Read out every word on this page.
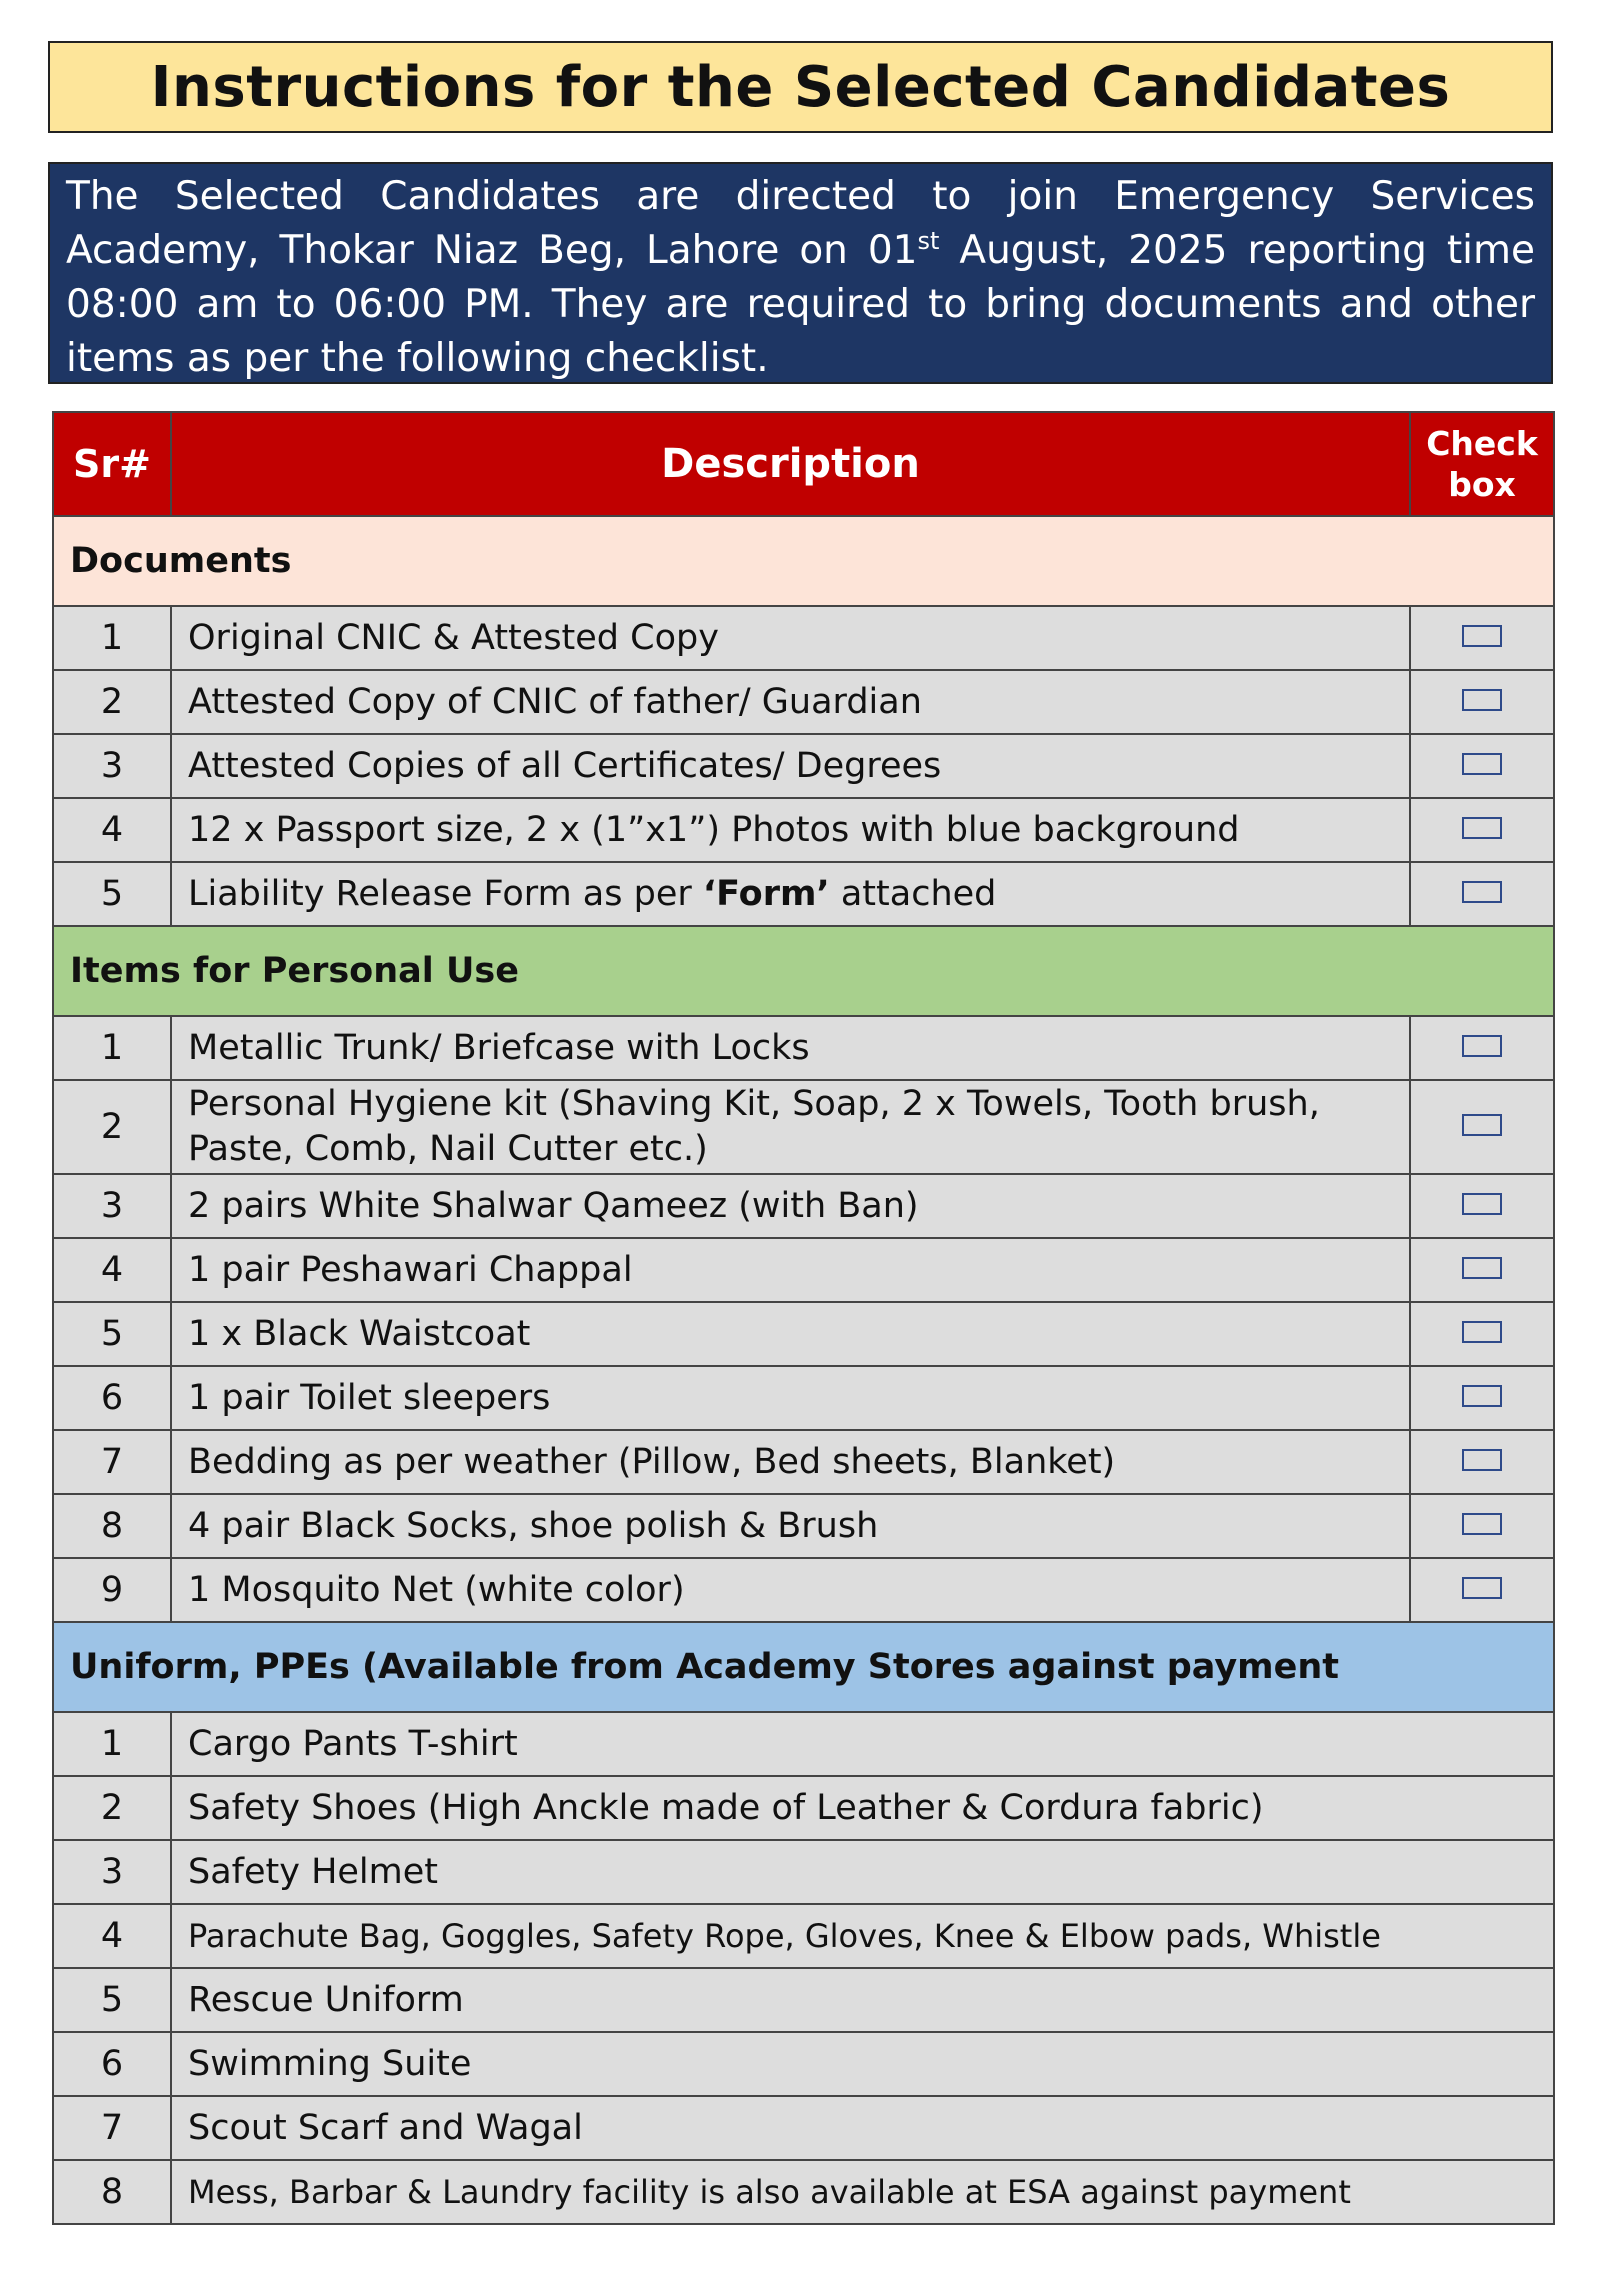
Instructions for the Selected Candidates
The Selected Candidates are directed to join Emergency Services Academy, Thokar Niaz Beg, Lahore on 01st August, 2025 reporting time 08:00 am to 06:00 PM. They are required to bring documents and other items as per the following checklist.
Sr#	Description	Check
box
Documents		
1	Original CNIC & Attested Copy	
2	Attested Copy of CNIC of father/ Guardian	
3	Attested Copies of all Certificates/ Degrees	
4	12 x Passport size, 2 x (1”x1”) Photos with blue background	
5	Liability Release Form as per ‘Form’ attached	
Items for Personal Use		
1	Metallic Trunk/ Briefcase with Locks	
2	Personal Hygiene kit (Shaving Kit, Soap, 2 x Towels, Tooth brush, Paste, Comb, Nail Cutter etc.)	
3	2 pairs White Shalwar Qameez (with Ban)	
4	1 pair Peshawari Chappal	
5	1 x Black Waistcoat	
6	1 pair Toilet sleepers	
7	Bedding as per weather (Pillow, Bed sheets, Blanket)	
8	4 pair Black Socks, shoe polish & Brush	
9	1 Mosquito Net (white color)	
Uniform, PPEs (Available from Academy Stores against payment		
1	Cargo Pants T-shirt	
2	Safety Shoes (High Anckle made of Leather & Cordura fabric)	
3	Safety Helmet	
4	Parachute Bag, Goggles, Safety Rope, Gloves, Knee & Elbow pads, Whistle	
5	Rescue Uniform	
6	Swimming Suite	
7	Scout Scarf and Wagal	
8	Mess, Barbar & Laundry facility is also available at ESA against payment	
